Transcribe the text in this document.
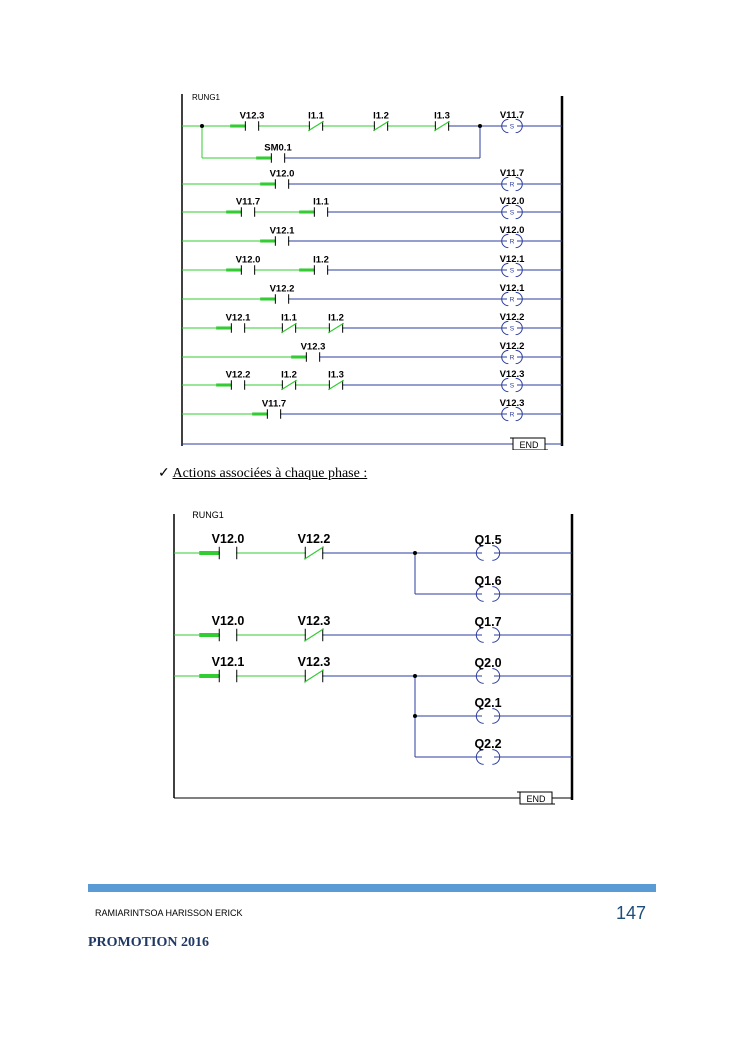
RUNG1
V12.3	I1.1	I1.2	I1.3
S
V11.7
SM0.1
V12.0
R
V11.7
V11.7	I1.1
S
V12.0
V12.1
R
V12.0
V12.0	I1.2
S
V12.1
V12.2
R
V12.1
V12.1	I1.1	I1.2
S
V12.2
V12.3
R
V12.2
V12.2	I1.2	I1.3
S
V12.3
V11.7
R
V12.3
END
✓ Actions associées à chaque phase :
RUNG1
V12.0	V12.2	Q1.5
Q1.6
V12.0	V12.3	Q1.7
V12.1	V12.3	Q2.0
Q2.1
Q2.2
END
RAMIARINTSOA HARISSON ERICK	147
PROMOTION 2016
